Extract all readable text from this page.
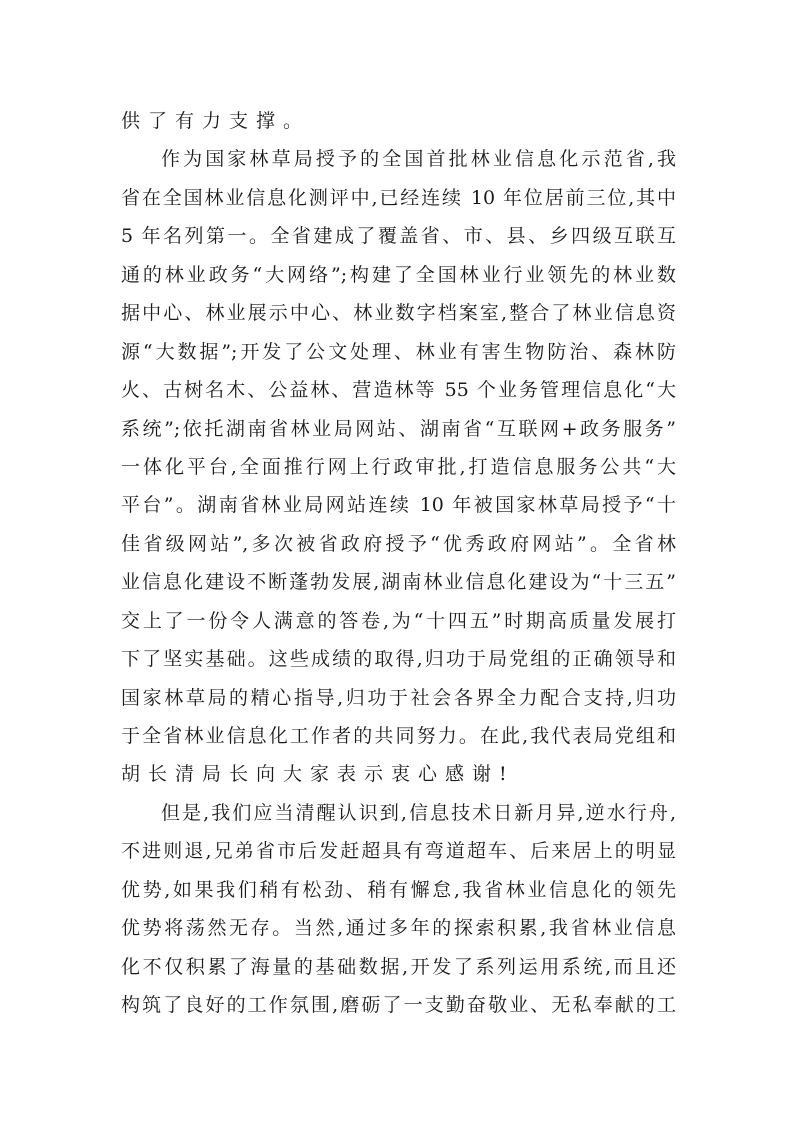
供了有力支撑。
作为国家林草局授予的全国首批林业信息化示范省,我
省在全国林业信息化测评中,已经连续 10 年位居前三位,其中
5 年名列第一。全省建成了覆盖省、市、县、乡四级互联互
通的林业政务“大网络”;构建了全国林业行业领先的林业数
据中心、林业展示中心、林业数字档案室,整合了林业信息资
源“大数据”;开发了公文处理、林业有害生物防治、森林防
火、古树名木、公益林、营造林等 55 个业务管理信息化“大
系统”;依托湖南省林业局网站、湖南省“互联网+政务服务”
一体化平台,全面推行网上行政审批,打造信息服务公共“大
平台”。湖南省林业局网站连续 10 年被国家林草局授予“十
佳省级网站”,多次被省政府授予“优秀政府网站”。全省林
业信息化建设不断蓬勃发展,湖南林业信息化建设为“十三五”
交上了一份令人满意的答卷,为“十四五”时期高质量发展打
下了坚实基础。这些成绩的取得,归功于局党组的正确领导和
国家林草局的精心指导,归功于社会各界全力配合支持,归功
于全省林业信息化工作者的共同努力。在此,我代表局党组和
胡长清局长向大家表示衷心感谢!
但是,我们应当清醒认识到,信息技术日新月异,逆水行舟,
不进则退,兄弟省市后发赶超具有弯道超车、后来居上的明显
优势,如果我们稍有松劲、稍有懈怠,我省林业信息化的领先
优势将荡然无存。当然,通过多年的探索积累,我省林业信息
化不仅积累了海量的基础数据,开发了系列运用系统,而且还
构筑了良好的工作氛围,磨砺了一支勤奋敬业、无私奉献的工
